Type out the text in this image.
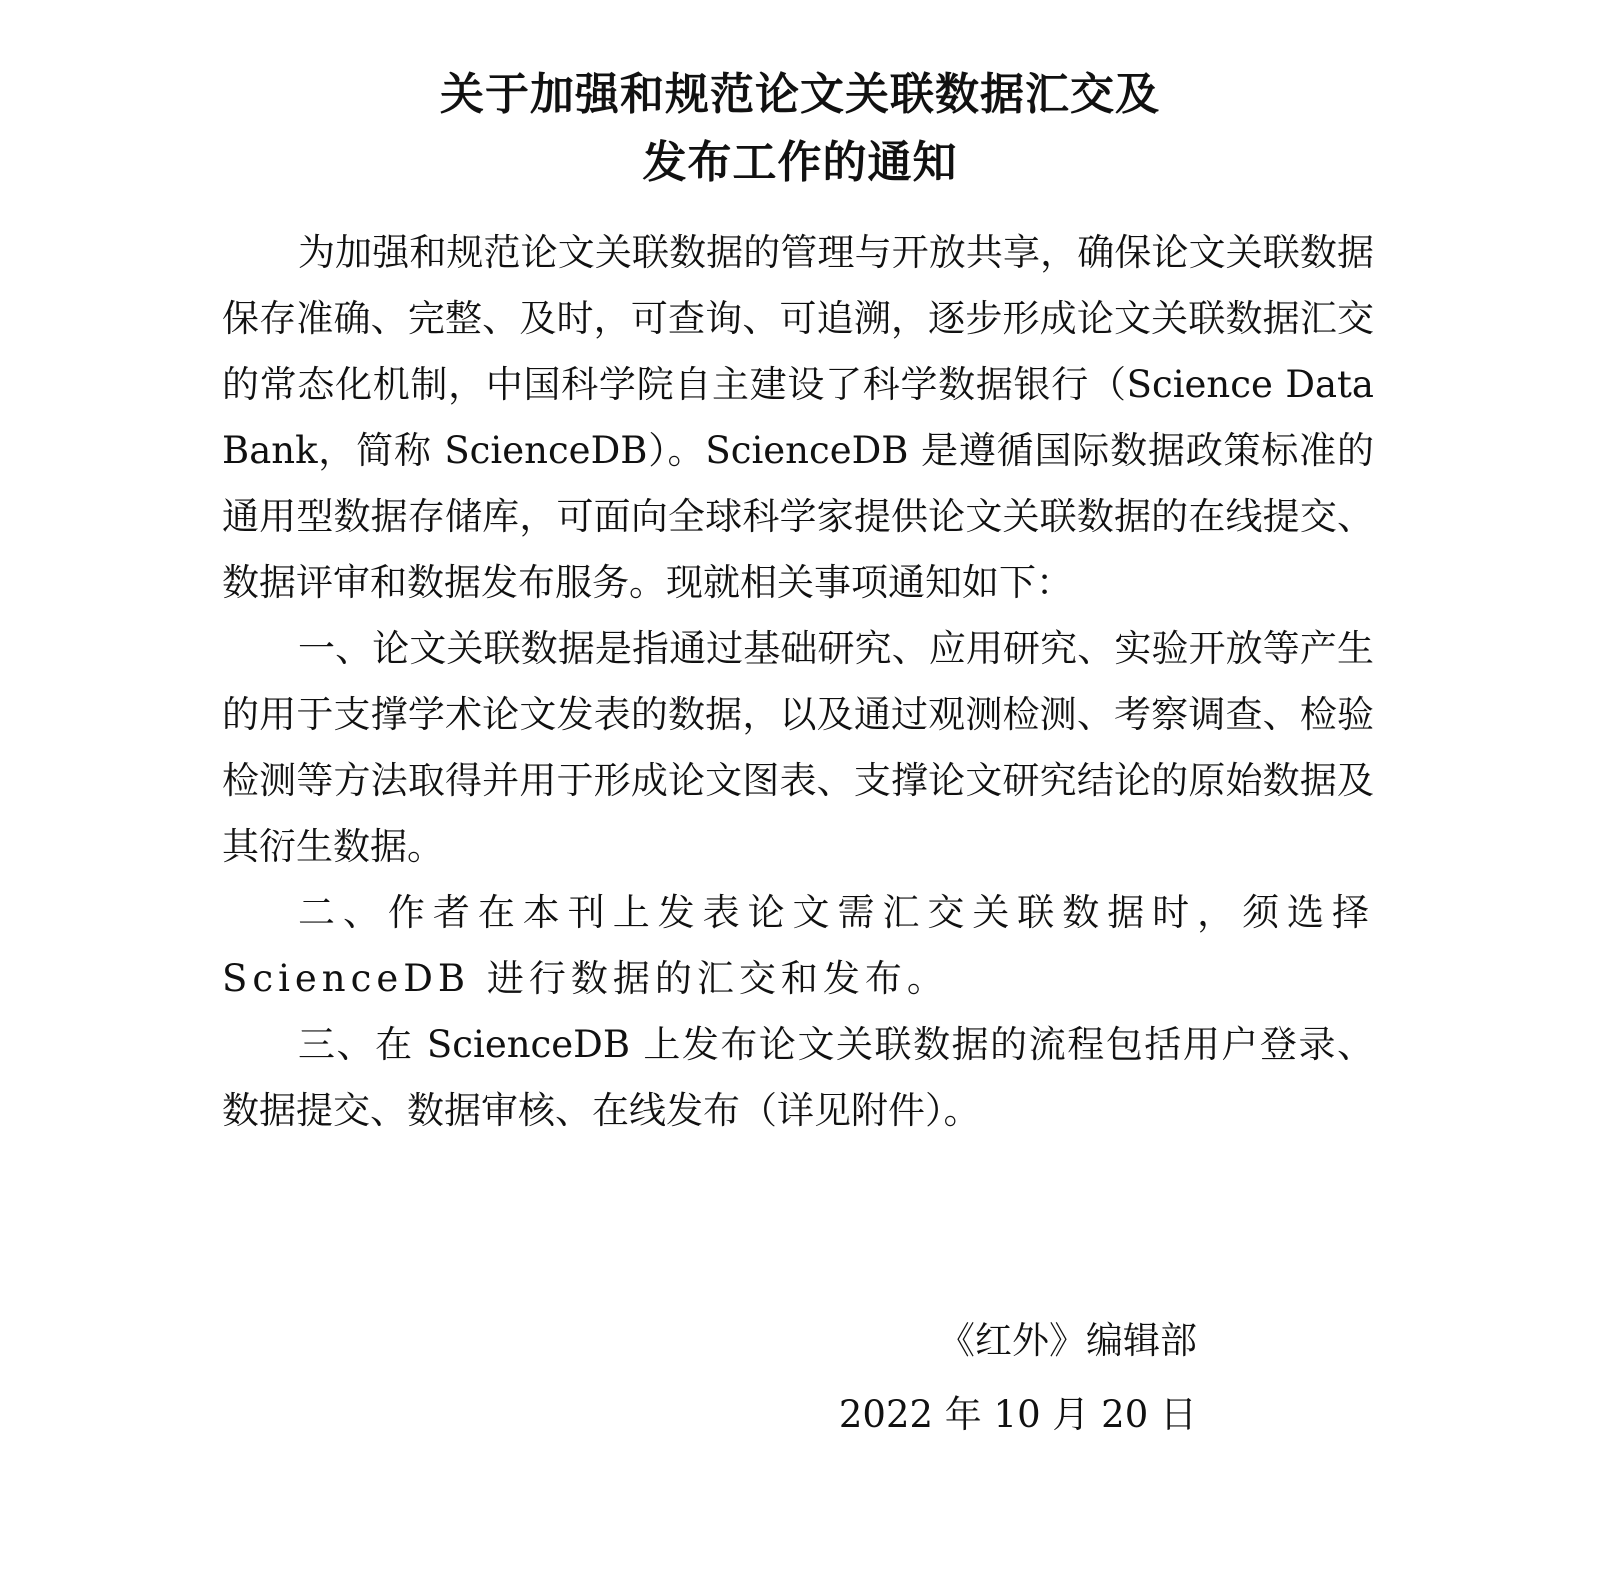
关于加强和规范论文关联数据汇交及
发布工作的通知

为加强和规范论文关联数据的管理与开放共享，确保论文关联数据保存准确、完整、及时，可查询、可追溯，逐步形成论文关联数据汇交的常态化机制，中国科学院自主建设了科学数据银行（Science Data Bank，简称 ScienceDB）。ScienceDB 是遵循国际数据政策标准的通用型数据存储库，可面向全球科学家提供论文关联数据的在线提交、数据评审和数据发布服务。现就相关事项通知如下：

一、论文关联数据是指通过基础研究、应用研究、实验开放等产生的用于支撑学术论文发表的数据，以及通过观测检测、考察调查、检验检测等方法取得并用于形成论文图表、支撑论文研究结论的原始数据及其衍生数据。

二、作者在本刊上发表论文需汇交关联数据时，须选择 ScienceDB 进行数据的汇交和发布。

三、在 ScienceDB 上发布论文关联数据的流程包括用户登录、数据提交、数据审核、在线发布（详见附件）。

《红外》编辑部
2022 年 10 月 20 日
